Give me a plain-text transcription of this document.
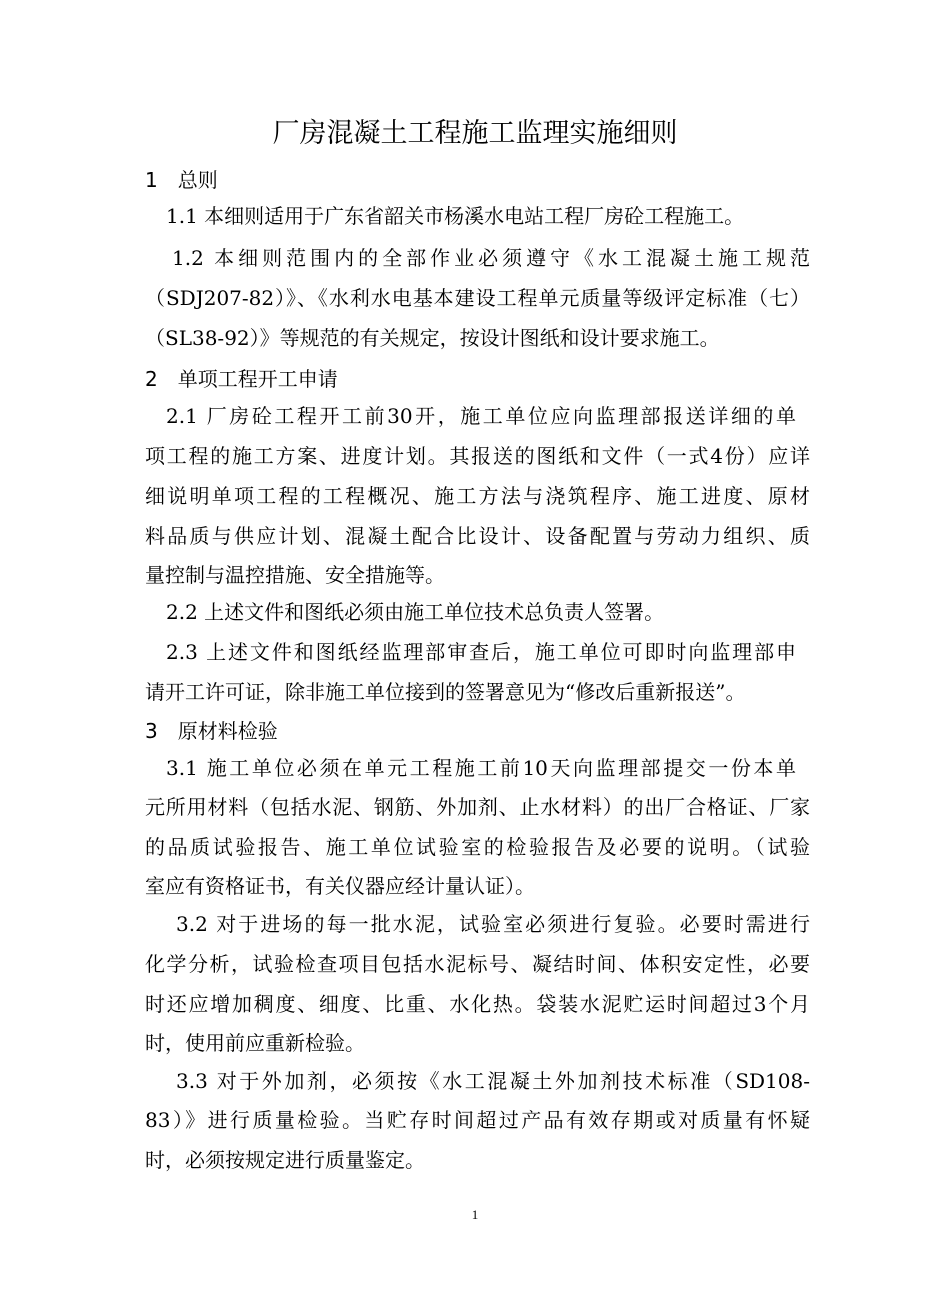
厂房混凝土工程施工监理实施细则
1　总则
1.1 本细则适用于广东省韶关市杨溪水电站工程厂房砼工程施工。
1.2 本细则范围内的全部作业必须遵守《水工混凝土施工规范
（SDJ207-82）》、《水利水电基本建设工程单元质量等级评定标准（七）
（SL38-92）》等规范的有关规定，按设计图纸和设计要求施工。
2　单项工程开工申请
2.1 厂房砼工程开工前30开，施工单位应向监理部报送详细的单
项工程的施工方案、进度计划。其报送的图纸和文件（一式4份）应详
细说明单项工程的工程概况、施工方法与浇筑程序、施工进度、原材
料品质与供应计划、混凝土配合比设计、设备配置与劳动力组织、质
量控制与温控措施、安全措施等。
2.2 上述文件和图纸必须由施工单位技术总负责人签署。
2.3 上述文件和图纸经监理部审查后，施工单位可即时向监理部申
请开工许可证，除非施工单位接到的签署意见为“修改后重新报送”。
3　原材料检验
3.1 施工单位必须在单元工程施工前10天向监理部提交一份本单
元所用材料（包括水泥、钢筋、外加剂、止水材料）的出厂合格证、厂家
的品质试验报告、施工单位试验室的检验报告及必要的说明。（试验
室应有资格证书，有关仪器应经计量认证）。
3.2 对于进场的每一批水泥，试验室必须进行复验。必要时需进行
化学分析，试验检查项目包括水泥标号、凝结时间、体积安定性，必要
时还应增加稠度、细度、比重、水化热。袋装水泥贮运时间超过3个月
时，使用前应重新检验。
3.3 对于外加剂，必须按《水工混凝土外加剂技术标准（SD108-
83）》进行质量检验。当贮存时间超过产品有效存期或对质量有怀疑
时，必须按规定进行质量鉴定。
1
